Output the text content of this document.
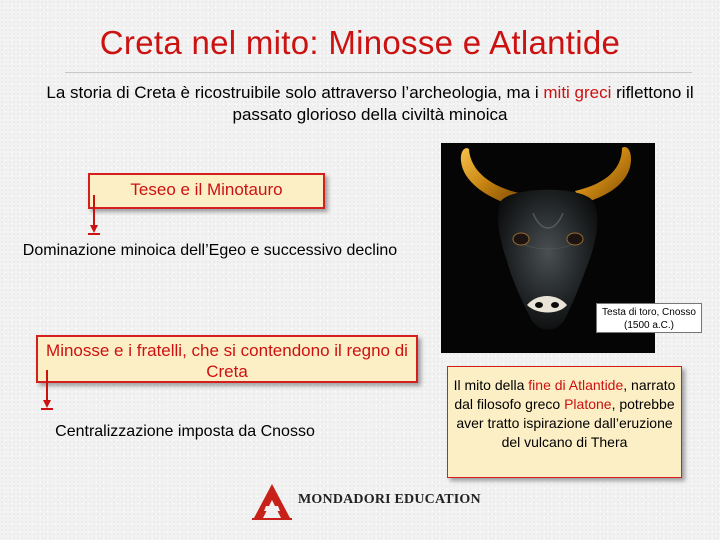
Creta nel mito: Minosse e Atlantide
La storia di Creta è ricostruibile solo attraverso l’archeologia, ma i miti greci riflettono il passato glorioso della civiltà minoica
Teseo e il Minotauro
Dominazione minoica dell’Egeo e successivo declino
Minosse e i fratelli, che si contendono il regno di Creta
Centralizzazione imposta da Cnosso
Testa di toro, Cnosso
(1500 a.C.)
Il mito della fine di Atlantide, narrato dal filosofo greco Platone, potrebbe aver tratto ispirazione dall’eruzione del vulcano di Thera
MONDADORI EDUCATION
